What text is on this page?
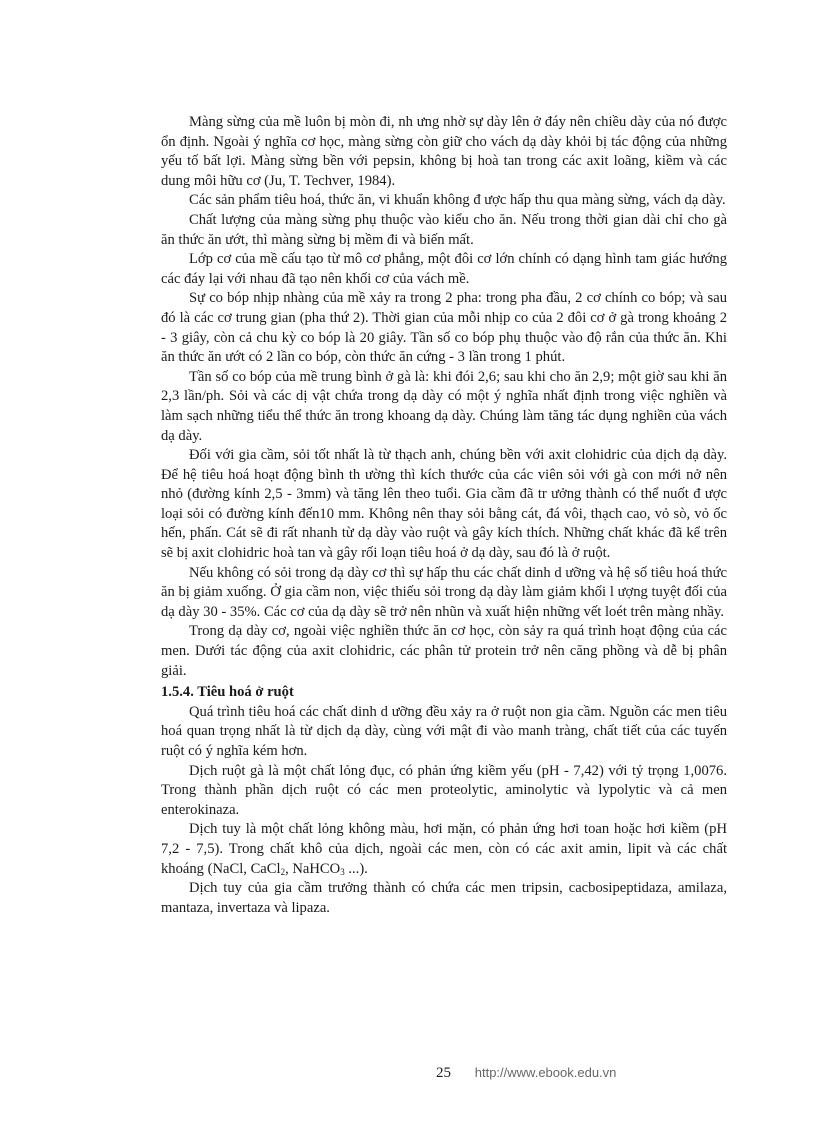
Màng sừng của mề luôn bị mòn đi, nh ưng nhờ sự dày lên ở đáy nên chiều dày của nó được ổn định. Ngoài ý nghĩa cơ học, màng sừng còn giữ cho vách dạ dày khỏi bị tác động của những yếu tố bất lợi. Màng sừng bền với pepsin, không bị hoà tan trong các axit loãng, kiềm và các dung môi hữu cơ (Ju, T. Techver, 1984).

Các sản phẩm tiêu hoá, thức ăn, vi khuẩn không đ ược hấp thu qua màng sừng, vách dạ dày.

Chất lượng của màng sừng phụ thuộc vào kiểu cho ăn. Nếu trong thời gian dài chỉ cho gà ăn thức ăn ướt, thì màng sừng bị mềm đi và biến mất.

Lớp cơ của mề cấu tạo từ mô cơ phẳng, một đôi cơ lớn chính có dạng hình tam giác hướng các đáy lại với nhau đã tạo nên khối cơ của vách mề.

Sự co bóp nhịp nhàng của mề xảy ra trong 2 pha: trong pha đầu, 2 cơ chính co bóp; và sau đó là các cơ trung gian (pha thứ 2). Thời gian của mỗi nhịp co của 2 đôi cơ ở gà trong khoảng 2 - 3 giây, còn cả chu kỳ co bóp là 20 giây. Tần số co bóp phụ thuộc vào độ rắn của thức ăn. Khi ăn thức ăn ướt có 2 lần co bóp, còn thức ăn cứng - 3 lần trong 1 phút.

Tần số co bóp của mề trung bình ở gà là: khi đói 2,6; sau khi cho ăn 2,9; một giờ sau khi ăn 2,3 lần/ph. Sỏi và các dị vật chứa trong dạ dày có một ý nghĩa nhất định trong việc nghiền và làm sạch những tiểu thể thức ăn trong khoang dạ dày. Chúng làm tăng tác dụng nghiền của vách dạ dày.

Đối với gia cầm, sỏi tốt nhất là từ thạch anh, chúng bền với axit clohidric của dịch dạ dày. Để hệ tiêu hoá hoạt động bình th ường thì kích thước của các viên sỏi với gà con mới nở nên nhỏ (đường kính 2,5 - 3mm) và tăng lên theo tuổi. Gia cầm đã tr ưởng thành có thể nuốt đ ược loại sỏi có đường kính đến10 mm. Không nên thay sỏi bằng cát, đá vôi, thạch cao, vỏ sò, vỏ ốc hến, phấn. Cát sẽ đi rất nhanh từ dạ dày vào ruột và gây kích thích. Những chất khác đã kể trên sẽ bị axit clohidric hoà tan và gây rối loạn tiêu hoá ở dạ dày, sau đó là ở ruột.

Nếu không có sỏi trong dạ dày cơ thì sự hấp thu các chất dinh d ưỡng và hệ số tiêu hoá thức ăn bị giảm xuống. Ở gia cầm non, việc thiếu sỏi trong dạ dày làm giảm khối l ượng tuyệt đối của dạ dày 30 - 35%. Các cơ của dạ dày sẽ trở nên nhũn và xuất hiện những vết loét trên màng nhầy.

Trong dạ dày cơ, ngoài việc nghiền thức ăn cơ học, còn sảy ra quá trình hoạt động của các men. Dưới tác động của axit clohidric, các phân tử protein trở nên căng phồng và dễ bị phân giải.

1.5.4. Tiêu hoá ở ruột

Quá trình tiêu hoá các chất dinh d ưỡng đều xảy ra ở ruột non gia cầm. Nguồn các men tiêu hoá quan trọng nhất là từ dịch dạ dày, cùng với mật đi vào manh tràng, chất tiết của các tuyến ruột có ý nghĩa kém hơn.

Dịch ruột gà là một chất lỏng đục, có phản ứng kiềm yếu (pH - 7,42) với tỷ trọng 1,0076. Trong thành phần dịch ruột có các men proteolytic, aminolytic và lypolytic và cả men enterokinaza.

Dịch tuy là một chất lỏng không màu, hơi mặn, có phản ứng hơi toan hoặc hơi kiềm (pH 7,2 - 7,5). Trong chất khô của dịch, ngoài các men, còn có các axit amin, lipit và các chất khoáng (NaCl, CaCl$_2$, NaHCO$_3$ ...).

Dịch tuy của gia cầm trưởng thành có chứa các men tripsin, cacbosipeptidaza, amilaza, mantaza, invertaza và lipaza.

25 http://www.ebook.edu.vn
